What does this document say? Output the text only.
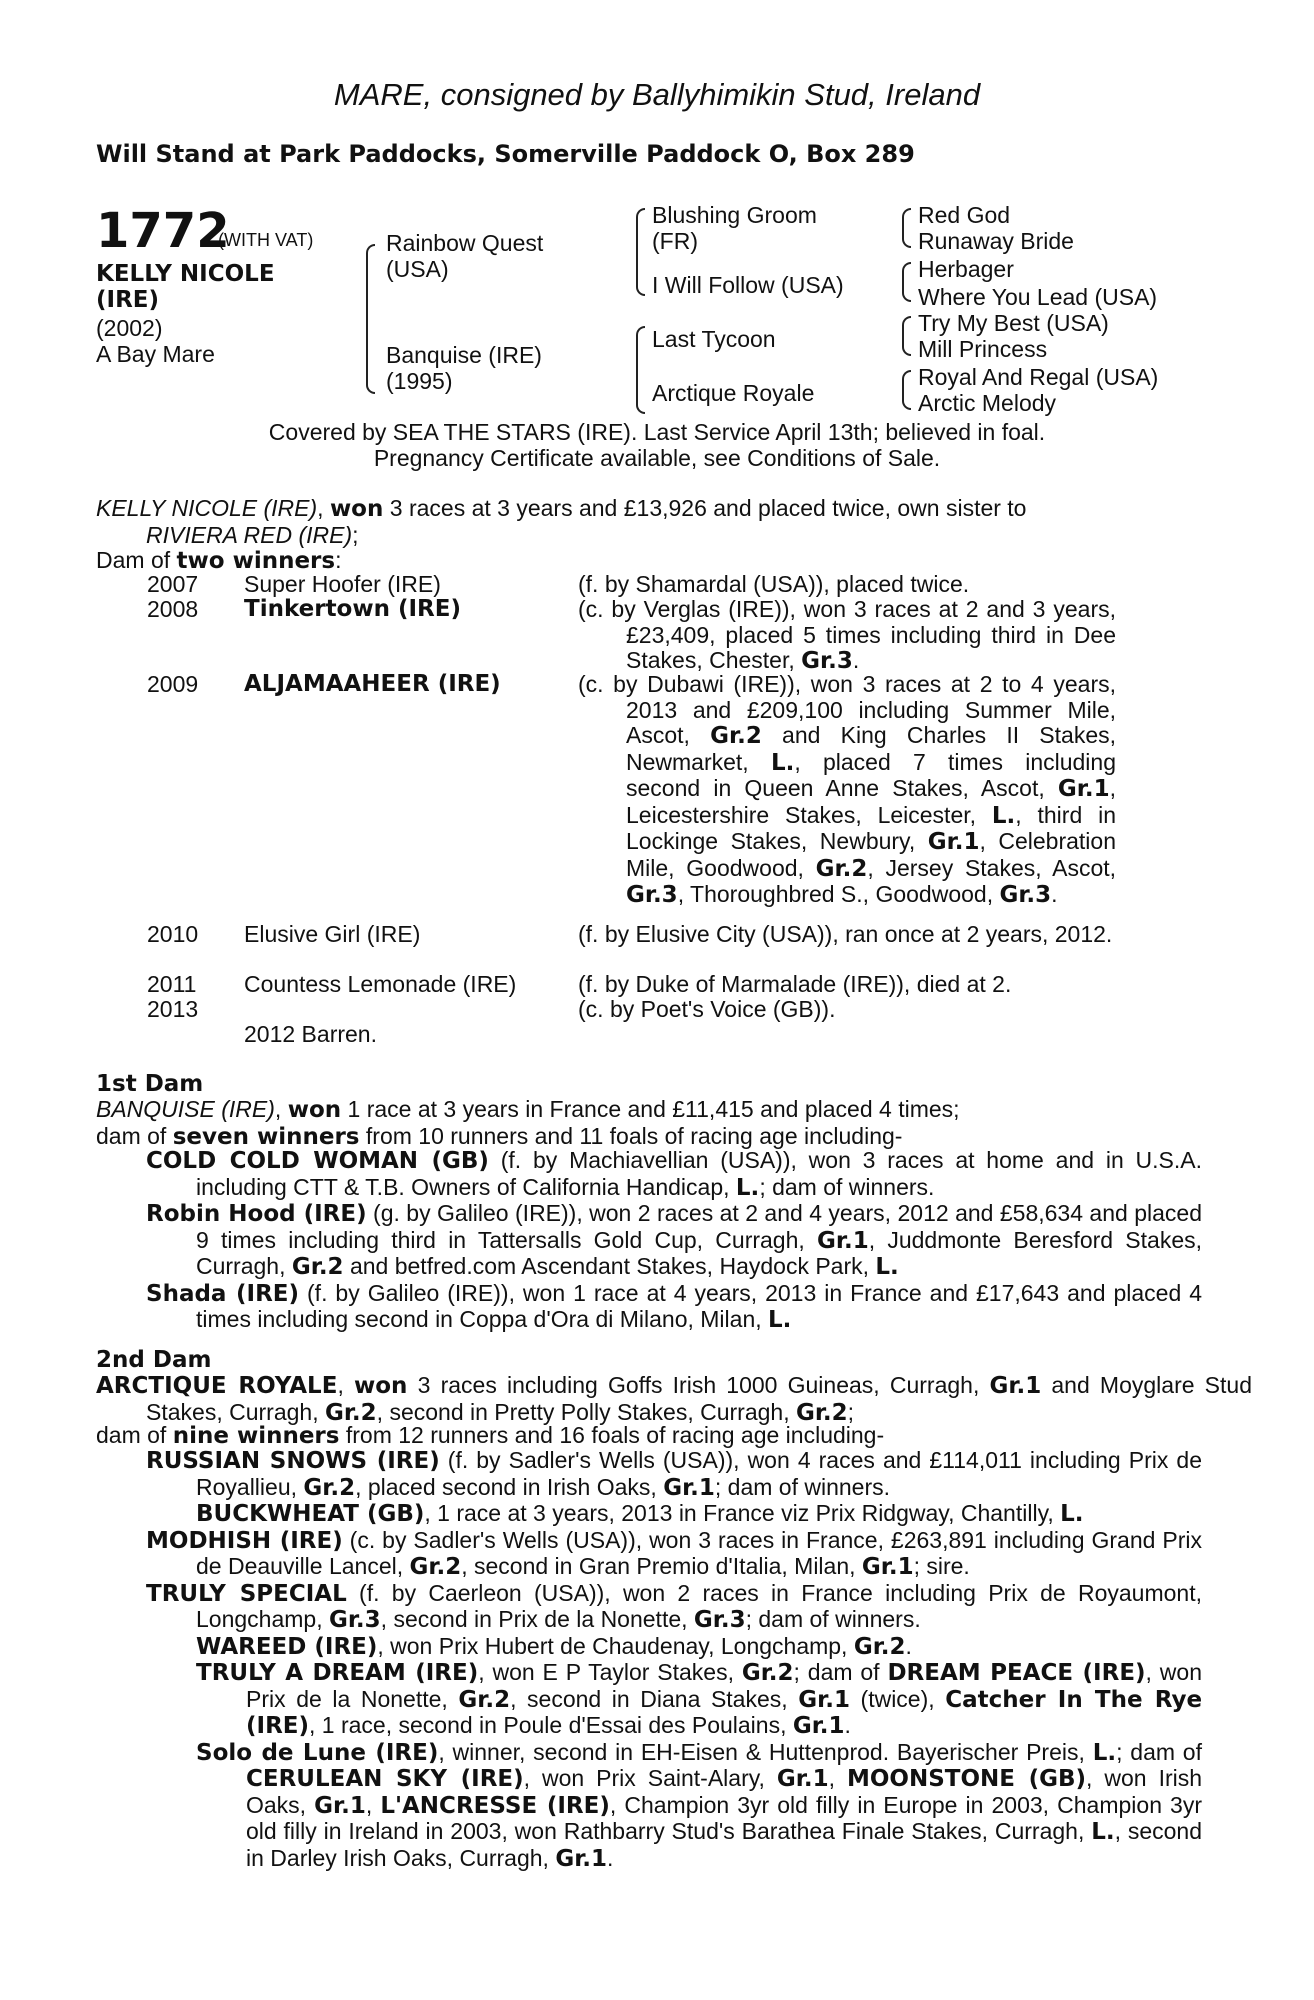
MARE, consigned by Ballyhimikin Stud, Ireland
Will Stand at Park Paddocks, Somerville Paddock O, Box 289
1772
(WITH VAT)
KELLY NICOLE
(IRE)
(2002)
A Bay Mare
Rainbow Quest
(USA)
Banquise (IRE)
(1995)
Blushing Groom
(FR)
I Will Follow (USA)
Last Tycoon
Arctique Royale
Red God
Runaway Bride
Herbager
Where You Lead (USA)
Try My Best (USA)
Mill Princess
Royal And Regal (USA)
Arctic Melody
Covered by SEA THE STARS (IRE). Last Service April 13th; believed in foal.
Pregnancy Certificate available, see Conditions of Sale.
KELLY NICOLE (IRE), won 3 races at 3 years and £13,926 and placed twice, own sister to
RIVIERA RED (IRE);
Dam of two winners:
2007 Super Hoofer (IRE)	(f. by Shamardal (USA)), placed twice.
2008 Tinkertown (IRE)	(c. by Verglas (IRE)), won 3 races at 2 and 3 years, £23,409, placed 5 times including third in Dee Stakes, Chester, Gr.3.
2009 ALJAMAAHEER (IRE)	(c. by Dubawi (IRE)), won 3 races at 2 to 4 years, 2013 and £209,100 including Summer Mile, Ascot, Gr.2 and King Charles II Stakes, Newmarket, L., placed 7 times including second in Queen Anne Stakes, Ascot, Gr.1, Leicestershire Stakes, Leicester, L., third in Lockinge Stakes, Newbury, Gr.1, Celebration Mile, Goodwood, Gr.2, Jersey Stakes, Ascot, Gr.3, Thoroughbred S., Goodwood, Gr.3.
2010 Elusive Girl (IRE)	(f. by Elusive City (USA)), ran once at 2 years, 2012.
2011 Countess Lemonade (IRE)	(f. by Duke of Marmalade (IRE)), died at 2.
2013	(c. by Poet's Voice (GB)).
2012 Barren.
1st Dam
BANQUISE (IRE), won 1 race at 3 years in France and £11,415 and placed 4 times;
dam of seven winners from 10 runners and 11 foals of racing age including-
COLD COLD WOMAN (GB) (f. by Machiavellian (USA)), won 3 races at home and in U.S.A. including CTT & T.B. Owners of California Handicap, L.; dam of winners.
Robin Hood (IRE) (g. by Galileo (IRE)), won 2 races at 2 and 4 years, 2012 and £58,634 and placed 9 times including third in Tattersalls Gold Cup, Curragh, Gr.1, Juddmonte Beresford Stakes, Curragh, Gr.2 and betfred.com Ascendant Stakes, Haydock Park, L.
Shada (IRE) (f. by Galileo (IRE)), won 1 race at 4 years, 2013 in France and £17,643 and placed 4 times including second in Coppa d'Ora di Milano, Milan, L.
2nd Dam
ARCTIQUE ROYALE, won 3 races including Goffs Irish 1000 Guineas, Curragh, Gr.1 and Moyglare Stud Stakes, Curragh, Gr.2, second in Pretty Polly Stakes, Curragh, Gr.2;
dam of nine winners from 12 runners and 16 foals of racing age including-
RUSSIAN SNOWS (IRE) (f. by Sadler's Wells (USA)), won 4 races and £114,011 including Prix de Royallieu, Gr.2, placed second in Irish Oaks, Gr.1; dam of winners.
BUCKWHEAT (GB), 1 race at 3 years, 2013 in France viz Prix Ridgway, Chantilly, L.
MODHISH (IRE) (c. by Sadler's Wells (USA)), won 3 races in France, £263,891 including Grand Prix de Deauville Lancel, Gr.2, second in Gran Premio d'Italia, Milan, Gr.1; sire.
TRULY SPECIAL (f. by Caerleon (USA)), won 2 races in France including Prix de Royaumont, Longchamp, Gr.3, second in Prix de la Nonette, Gr.3; dam of winners.
WAREED (IRE), won Prix Hubert de Chaudenay, Longchamp, Gr.2.
TRULY A DREAM (IRE), won E P Taylor Stakes, Gr.2; dam of DREAM PEACE (IRE), won Prix de la Nonette, Gr.2, second in Diana Stakes, Gr.1 (twice), Catcher In The Rye (IRE), 1 race, second in Poule d'Essai des Poulains, Gr.1.
Solo de Lune (IRE), winner, second in EH-Eisen & Huttenprod. Bayerischer Preis, L.; dam of CERULEAN SKY (IRE), won Prix Saint-Alary, Gr.1, MOONSTONE (GB), won Irish Oaks, Gr.1, L'ANCRESSE (IRE), Champion 3yr old filly in Europe in 2003, Champion 3yr old filly in Ireland in 2003, won Rathbarry Stud's Barathea Finale Stakes, Curragh, L., second in Darley Irish Oaks, Curragh, Gr.1.
